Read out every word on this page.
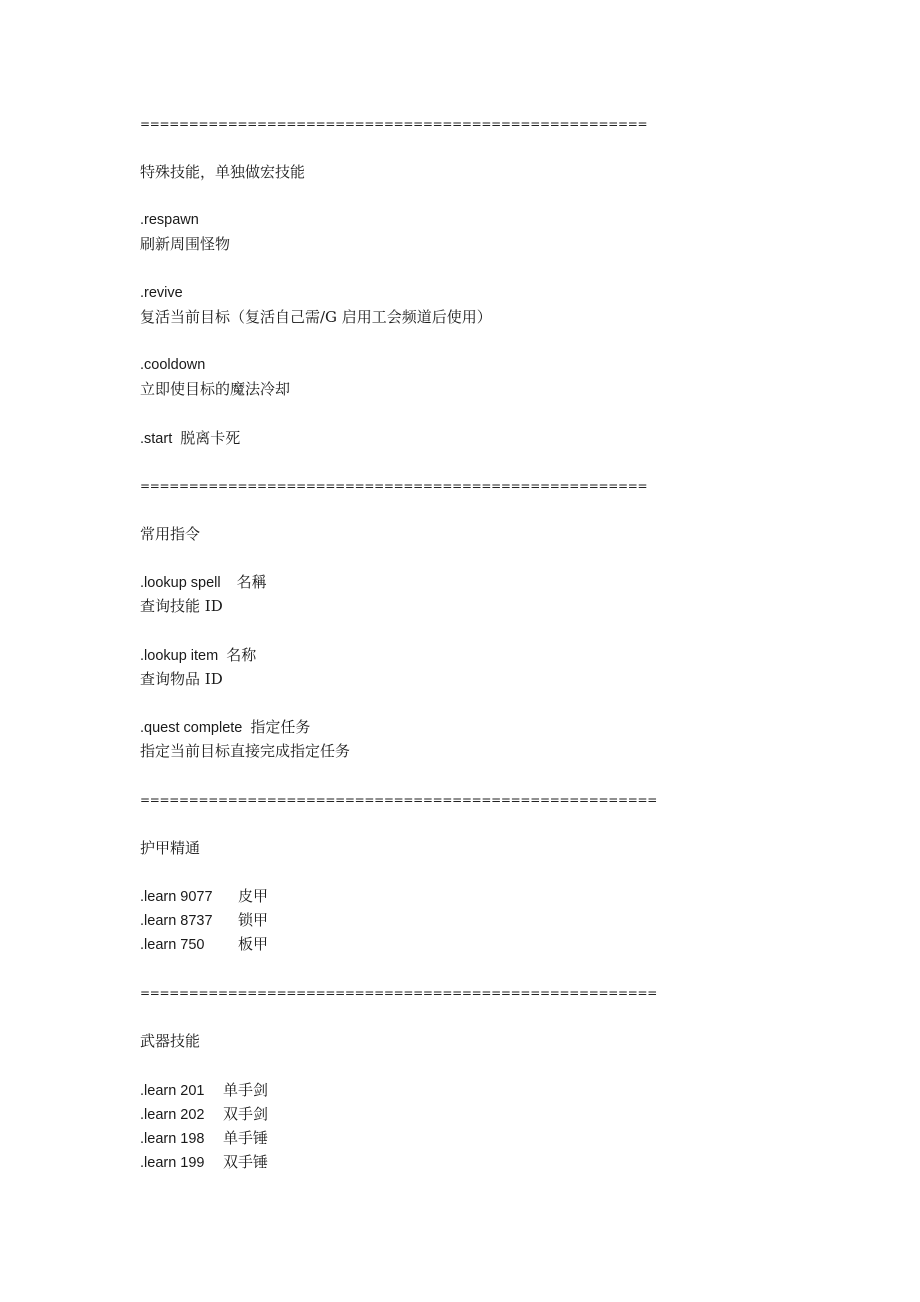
====================================================
特殊技能，单独做宏技能
.respawn
刷新周围怪物
.revive
复活当前目标（复活自己需/G 启用工会频道后使用）
.cooldown
立即使目标的魔法冷却
.start 脱离卡死
====================================================
常用指令
.lookup spell 名稱
查询技能 ID
.lookup item 名称
查询物品 ID
.quest complete 指定任务
指定当前目标直接完成指定任务
=====================================================
护甲精通
.learn 9077 皮甲
.learn 8737 锁甲
.learn 750 板甲
=====================================================
武器技能
.learn 201 单手剑
.learn 202 双手剑
.learn 198 单手锤
.learn 199 双手锤
